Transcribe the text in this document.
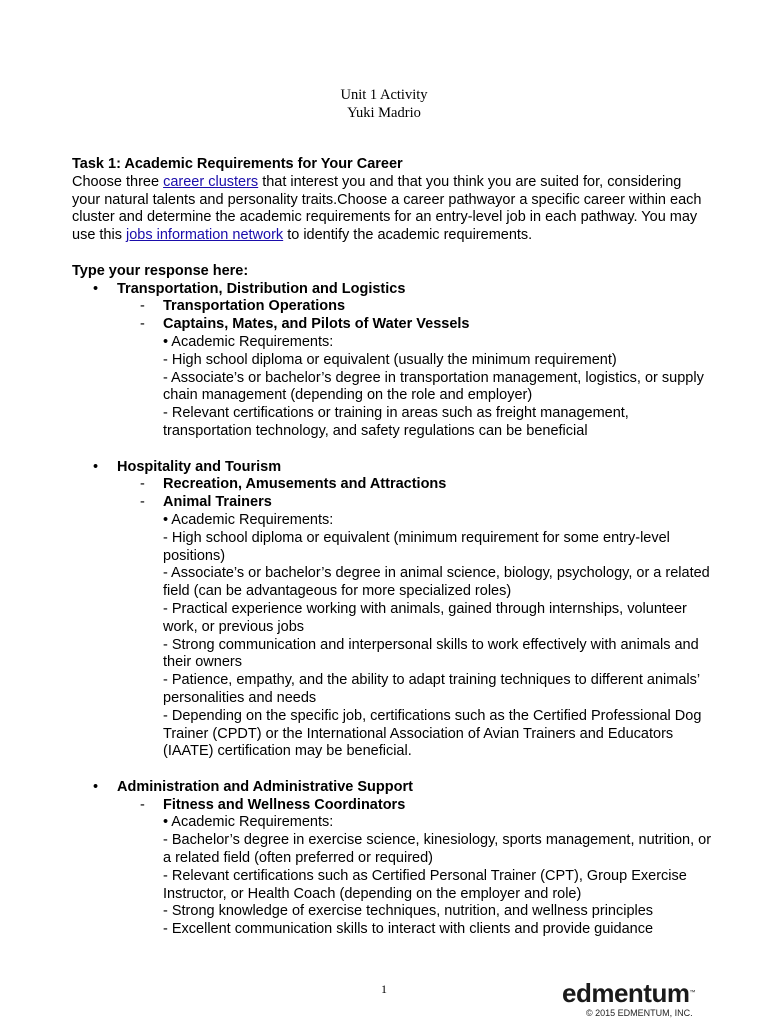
Unit 1 Activity
Yuki Madrio
Task 1: Academic Requirements for Your Career

Choose three career clusters that interest you and that you think you are suited for, considering your natural talents and personality traits.Choose a career pathwayor a specific career within each cluster and determine the academic requirements for an entry-level job in each pathway. You may use this jobs information network to identify the academic requirements.

Type your response here:
• Transportation, Distribution and Logistics
- Transportation Operations
- Captains, Mates, and Pilots of Water Vessels
• Academic Requirements:
- High school diploma or equivalent (usually the minimum requirement)
- Associate’s or bachelor’s degree in transportation management, logistics, or supply chain management (depending on the role and employer)
- Relevant certifications or training in areas such as freight management, transportation technology, and safety regulations can be beneficial
• Hospitality and Tourism
- Recreation, Amusements and Attractions
- Animal Trainers
• Academic Requirements:
- High school diploma or equivalent (minimum requirement for some entry-level positions)
- Associate’s or bachelor’s degree in animal science, biology, psychology, or a related field (can be advantageous for more specialized roles)
- Practical experience working with animals, gained through internships, volunteer work, or previous jobs
- Strong communication and interpersonal skills to work effectively with animals and their owners
- Patience, empathy, and the ability to adapt training techniques to different animals’ personalities and needs
- Depending on the specific job, certifications such as the Certified Professional Dog Trainer (CPDT) or the International Association of Avian Trainers and Educators (IAATE) certification may be beneficial.
• Administration and Administrative Support
- Fitness and Wellness Coordinators
• Academic Requirements:
- Bachelor’s degree in exercise science, kinesiology, sports management, nutrition, or a related field (often preferred or required)
- Relevant certifications such as Certified Personal Trainer (CPT), Group Exercise Instructor, or Health Coach (depending on the employer and role)
- Strong knowledge of exercise techniques, nutrition, and wellness principles
- Excellent communication skills to interact with clients and provide guidance
1	edmentum™
© 2015 EDMENTUM, INC.
